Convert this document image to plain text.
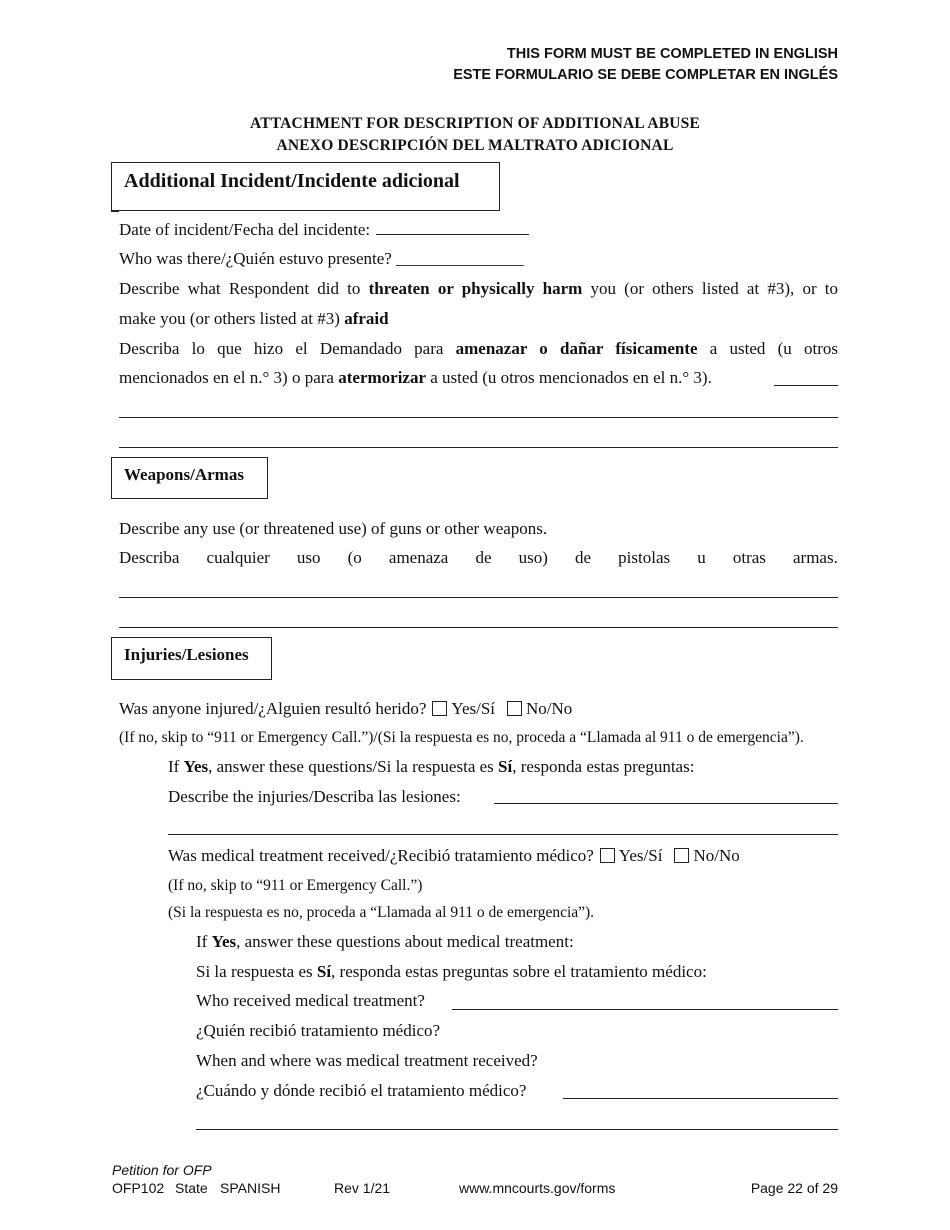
THIS FORM MUST BE COMPLETED IN ENGLISH
ESTE FORMULARIO SE DEBE COMPLETAR EN INGLÉS
ATTACHMENT FOR DESCRIPTION OF ADDITIONAL ABUSE
ANEXO DESCRIPCIÓN DEL MALTRATO ADICIONAL
Additional Incident/Incidente adicional
Date of incident/Fecha del incidente:
Who was there/¿Quién estuvo presente? _______________
Describe what Respondent did to threaten or physically harm you (or others listed at #3), or to
make you (or others listed at #3) afraid
Describa lo que hizo el Demandado para amenazar o dañar físicamente a usted (u otros
mencionados en el n.° 3) o para atermorizar a usted (u otros mencionados en el n.° 3).
Weapons/Armas
Describe any use (or threatened use) of guns or other weapons.
Describa cualquier uso (o amenaza de uso) de pistolas u otras armas.
Injuries/Lesiones
Was anyone injured/¿Alguien resultó herido? Yes/Sí No/No
(If no, skip to “911 or Emergency Call.”)/(Si la respuesta es no, proceda a “Llamada al 911 o de emergencia”).
If Yes, answer these questions/Si la respuesta es Sí, responda estas preguntas:
Describe the injuries/Describa las lesiones:
Was medical treatment received/¿Recibió tratamiento médico? Yes/Sí No/No
(If no, skip to “911 or Emergency Call.”)
(Si la respuesta es no, proceda a “Llamada al 911 o de emergencia”).
If Yes, answer these questions about medical treatment:
Si la respuesta es Sí, responda estas preguntas sobre el tratamiento médico:
Who received medical treatment?
¿Quién recibió tratamiento médico?
When and where was medical treatment received?
¿Cuándo y dónde recibió el tratamiento médico?
Petition for OFP
OFP102 State SPANISH	Rev 1/21	www.mncourts.gov/forms	Page 22 of 29
